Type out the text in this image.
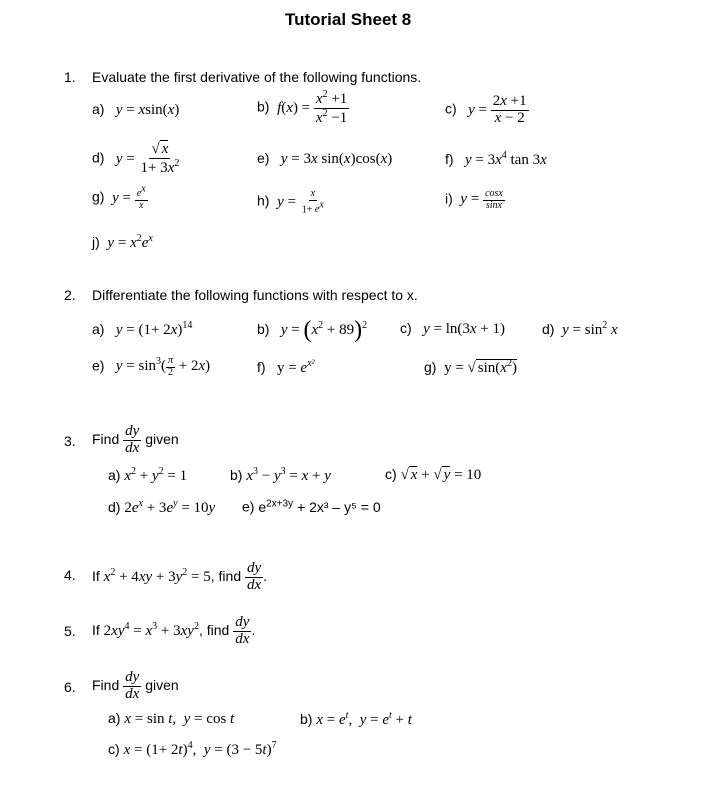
Tutorial Sheet 8
1. Evaluate the first derivative of the following functions.
a) y = xsin(x)	b) $f(x) = \frac{x^2 +1}{x^2 -1}$	c) $y = \frac{2x +1}{x - 2}$
d) $y = \frac{√ x}{1+ 3x^2}$	e) y = 3x sin(x)cos(x)	f) $y = 3x^4$ tan 3x
g) $y = \frac{e^x}{x}$	h) $y = \frac{x}{1+ e^x}$	i) $y = \frac{\cos x}{\sin x}$
j) $y = x^2e^x$
2. Differentiate the following functions with respect to x.
a) $y = (1+ 2x)^{14}$	b) $y = (x^2 + 89)^2$ c) y = ln(3x + 1)	d) $y = \sin^2 x$
e) $y = \sin^3( \frac{\pi}{2} + 2x)$	f)   $y = e^{x^2}$	g)  y = √ $\sin(x^2)$
3. Find $\frac{dy}{dx}$ given
a) $x^2 + y^2 = 1$	b) $x^3 - y^3 = x + y$	c) √ x + √ y = 10
d) $2e^x + 3e^y = 10y$ e) $e^{2x+3y} + 2x^3 - y^5 = 0$
4. If $x^2 + 4xy + 3y^2 = 5$, find $\frac{dy}{dx}$ .
5. If $2xy^4 = x^3 + 3xy^2$, find $\frac{dy}{dx}$ .
6. Find $\frac{dy}{dx}$ given
a) x = sin t,  y = cos t	b) $x = e^t$,  $y = e^t + t$
c) $x = (1+ 2t)^4$,  $y = (3 - 5t)^7$
